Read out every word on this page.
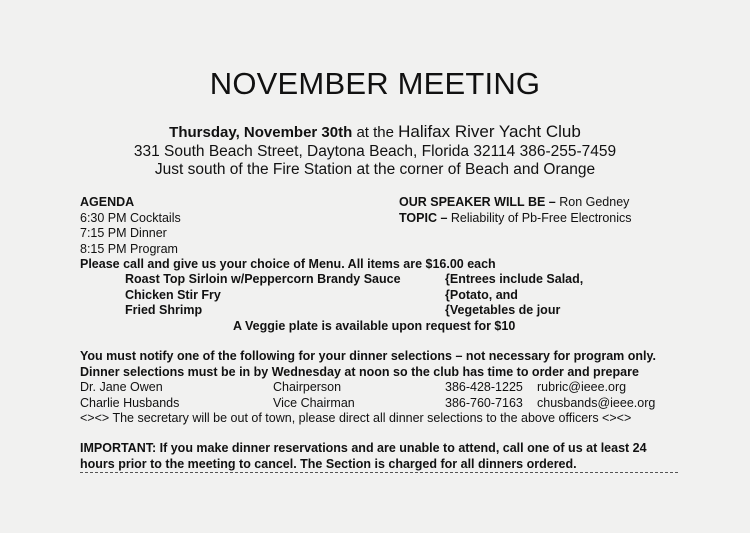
NOVEMBER MEETING
Thursday, November 30th at the Halifax River Yacht Club
331 South Beach Street, Daytona Beach, Florida 32114 386-255-7459
Just south of the Fire Station at the corner of Beach and Orange
AGENDA
6:30 PM Cocktails
7:15 PM Dinner
8:15 PM Program
OUR SPEAKER WILL BE – Ron Gedney
TOPIC – Reliability of Pb-Free Electronics
Please call and give us your choice of Menu. All items are $16.00 each
Roast Top Sirloin w/Peppercorn Brandy Sauce
Chicken Stir Fry
Fried Shrimp
{Entrees include Salad,
{Potato, and
{Vegetables de jour
A Veggie plate is available upon request for $10
You must notify one of the following for your dinner selections – not necessary for program only.
Dinner selections must be in by Wednesday at noon so the club has time to order and prepare
Dr. Jane Owen	Chairperson	386-428-1225 rubric@ieee.org
Charlie Husbands	Vice Chairman	386-760-7163 chusbands@ieee.org
<><> The secretary will be out of town, please direct all dinner selections to the above officers <><>
IMPORTANT: If you make dinner reservations and are unable to attend, call one of us at least 24
hours prior to the meeting to cancel. The Section is charged for all dinners ordered.
